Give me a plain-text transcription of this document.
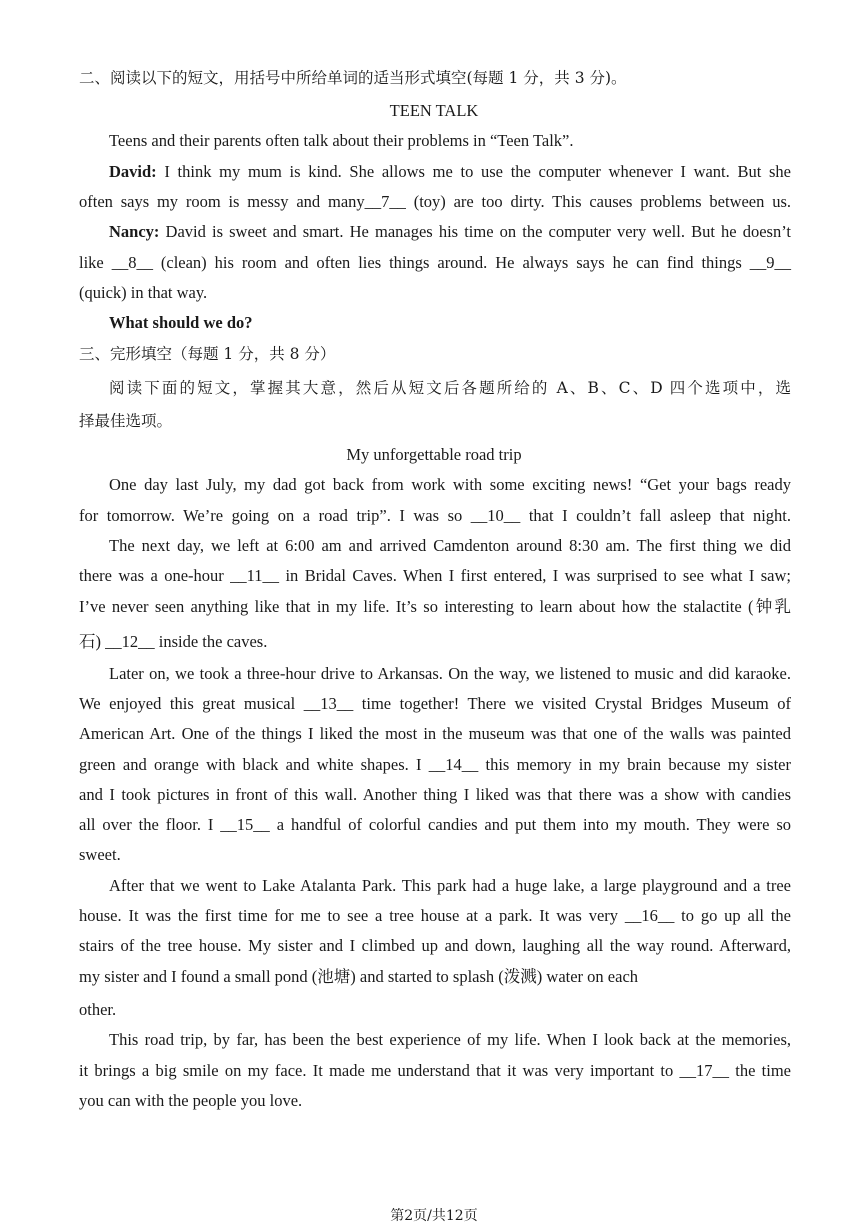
二、阅读以下的短文，用括号中所给单词的适当形式填空(每题 1 分，共 3 分)。
TEEN TALK
Teens and their parents often talk about their problems in “Teen Talk”.
David: I think my mum is kind. She allows me to use the computer whenever I want. But she
often says my room is messy and many__7__ (toy) are too dirty. This causes problems between us.
Nancy: David is sweet and smart. He manages his time on the computer very well. But he doesn’t
like __8__ (clean) his room and often lies things around. He always says he can find things __9__
(quick) in that way.
What should we do?
三、完形填空（每题 1 分，共 8 分）
阅读下面的短文，掌握其大意，然后从短文后各题所给的 A、B、C、D 四个选项中，选
择最佳选项。
My unforgettable road trip
One day last July, my dad got back from work with some exciting news! “Get your bags ready
for tomorrow. We’re going on a road trip”. I was so __10__ that I couldn’t fall asleep that night.
The next day, we left at 6:00 am and arrived Camdenton around 8:30 am. The first thing we did
there was a one-hour __11__ in Bridal Caves. When I first entered, I was surprised to see what I saw;
I’ve never seen anything like that in my life. It’s so interesting to learn about how the stalactite (钟乳
石) __12__ inside the caves.
Later on, we took a three-hour drive to Arkansas. On the way, we listened to music and did karaoke.
We enjoyed this great musical __13__ time together! There we visited Crystal Bridges Museum of
American Art. One of the things I liked the most in the museum was that one of the walls was painted
green and orange with black and white shapes. I __14__ this memory in my brain because my sister
and I took pictures in front of this wall. Another thing I liked was that there was a show with candies
all over the floor. I __15__ a handful of colorful candies and put them into my mouth. They were so
sweet.
After that we went to Lake Atalanta Park. This park had a huge lake, a large playground and a tree
house. It was the first time for me to see a tree house at a park. It was very __16__ to go up all the
stairs of the tree house. My sister and I climbed up and down, laughing all the way round. Afterward,
my sister and I found a small pond (池塘) and started to splash (泼溅) water on each
other.
This road trip, by far, has been the best experience of my life. When I look back at the memories,
it brings a big smile on my face. It made me understand that it was very important to __17__ the time
you can with the people you love.
第2页/共12页
